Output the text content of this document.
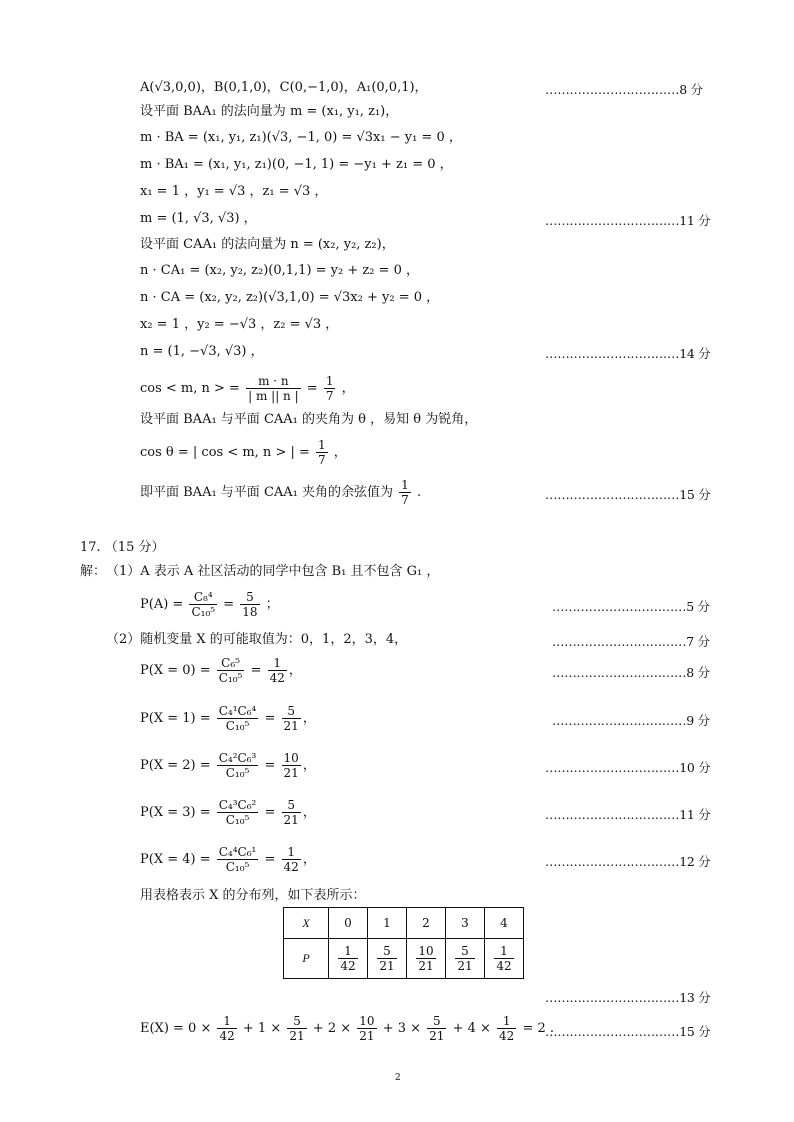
A(√3,0,0)，B(0,1,0)，C(0,−1,0)，A₁(0,0,1)，	……………………………8 分
设平面 BAA₁ 的法向量为 m = (x₁, y₁, z₁)，
m · BA = (x₁, y₁, z₁)(√3, −1, 0) = √3x₁ − y₁ = 0 ，
m · BA₁ = (x₁, y₁, z₁)(0, −1, 1) = −y₁ + z₁ = 0 ，
x₁ = 1 ，y₁ = √3 ，z₁ = √3 ，
m = (1, √3, √3) ，	……………………………11 分
设平面 CAA₁ 的法向量为 n = (x₂, y₂, z₂)，
n · CA₁ = (x₂, y₂, z₂)(0,1,1) = y₂ + z₂ = 0 ，
n · CA = (x₂, y₂, z₂)(√3,1,0) = √3x₂ + y₂ = 0 ，
x₂ = 1 ，y₂ = −√3 ，z₂ = √3 ，
n = (1, −√3, √3) ，	……………………………14 分
cos < m, n > = $\frac{m \cdot n}{| m || n |} = \frac{1}{7}$ ，
设平面 BAA₁ 与平面 CAA₁ 的夹角为 θ ，易知 θ 为锐角，
cos θ = | cos < m, n > | = $\frac{1}{7}$ ，
即平面 BAA₁ 与平面 CAA₁ 夹角的余弦值为 $\frac{1}{7}$ .	……………………………15 分
17. （15 分）
解： （1）A 表示 A 社区活动的同学中包含 B₁ 且不包含 G₁ ，
$P(A) = \frac{\text{C₈⁴}}{\text{C₁₀⁵}} = \frac{5}{18}$ ；	……………………………5 分
（2）随机变量 X 的可能取值为：0，1，2，3，4，	……………………………7 分
$P(X = 0) = \frac{\text{C₆⁵}}{\text{C₁₀⁵}} = \frac{1}{42}$ ，	……………………………8 分
$P(X = 1) = \frac{\text{C₄¹C₆⁴}}{\text{C₁₀⁵}} = \frac{5}{21}$ ，	……………………………9 分
$P(X = 2) = \frac{\text{C₄²C₆³}}{\text{C₁₀⁵}} = \frac{10}{21}$ ，	……………………………10 分
$P(X = 3) = \frac{\text{C₄³C₆²}}{\text{C₁₀⁵}} = \frac{5}{21}$ ，	……………………………11 分
$P(X = 4) = \frac{\text{C₄⁴C₆¹}}{\text{C₁₀⁵}} = \frac{1}{42}$ ，	……………………………12 分
用表格表示 X 的分布列，如下表所示：
X	0	1	2	3	4
P	$\frac{1}{42}$	$\frac{5}{21}$	$\frac{10}{21}$	$\frac{5}{21}$	$\frac{1}{42}$
……………………………13 分
$E(X) = 0 \times \frac{1}{42} + 1 \times \frac{5}{21} + 2 \times \frac{10}{21} + 3 \times \frac{5}{21} + 4 \times \frac{1}{42} = 2$ .
……………………………15 分
2
